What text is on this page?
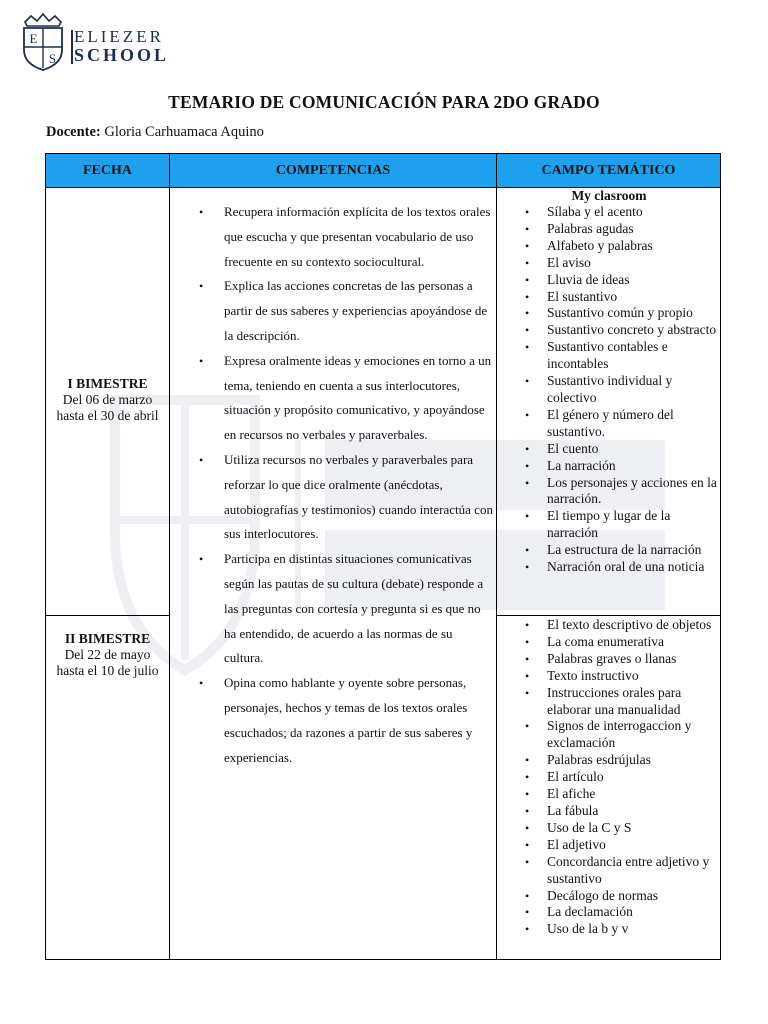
E
S
ELIEZER
SCHOOL
TEMARIO DE COMUNICACIÓN PARA 2DO GRADO
Docente: Gloria Carhuamaca Aquino
FECHA	COMPETENCIAS	CAMPO TEMÁTICO
I BIMESTRE
Del 06 de marzo
hasta el 30 de abril
II BIMESTRE
Del 22 de mayo
hasta el 10 de julio
• Recupera información explícita de los textos orales que escucha y que presentan vocabulario de uso frecuente en su contexto sociocultural.
• Explica las acciones concretas de las personas a partir de sus saberes y experiencias apoyándose de la descripción.
• Expresa oralmente ideas y emociones en torno a un tema, teniendo en cuenta a sus interlocutores, situación y propósito comunicativo, y apoyándose en recursos no verbales y paraverbales.
• Utiliza recursos no verbales y paraverbales para reforzar lo que dice oralmente (anécdotas, autobiografías y testimonios) cuando interactúa con sus interlocutores.
• Participa en distintas situaciones comunicativas según las pautas de su cultura (debate) responde a las preguntas con cortesía y pregunta si es que no ha entendido, de acuerdo a las normas de su cultura.
• Opina como hablante y oyente sobre personas, personajes, hechos y temas de los textos orales escuchados; da razones a partir de sus saberes y experiencias.
My clasroom
• Sílaba y el acento
• Palabras agudas
• Alfabeto y palabras
• El aviso
• Lluvia de ideas
• El sustantivo
• Sustantivo común y propio
• Sustantivo concreto y abstracto
• Sustantivo contables e incontables
• Sustantivo individual y colectivo
• El género y número del sustantivo.
• El cuento
• La narración
• Los personajes y acciones en la narración.
• El tiempo y lugar de la narración
• La estructura de la narración
• Narración oral de una noticia
• El texto descriptivo de objetos
• La coma enumerativa
• Palabras graves o llanas
• Texto instructivo
• Instrucciones orales para elaborar una manualidad
• Signos de interrogaccion y exclamación
• Palabras esdrújulas
• El artículo
• El afiche
• La fábula
• Uso de la C y S
• El adjetivo
• Concordancia entre adjetivo y sustantivo
• Decálogo de normas
• La declamación
• Uso de la b y v
